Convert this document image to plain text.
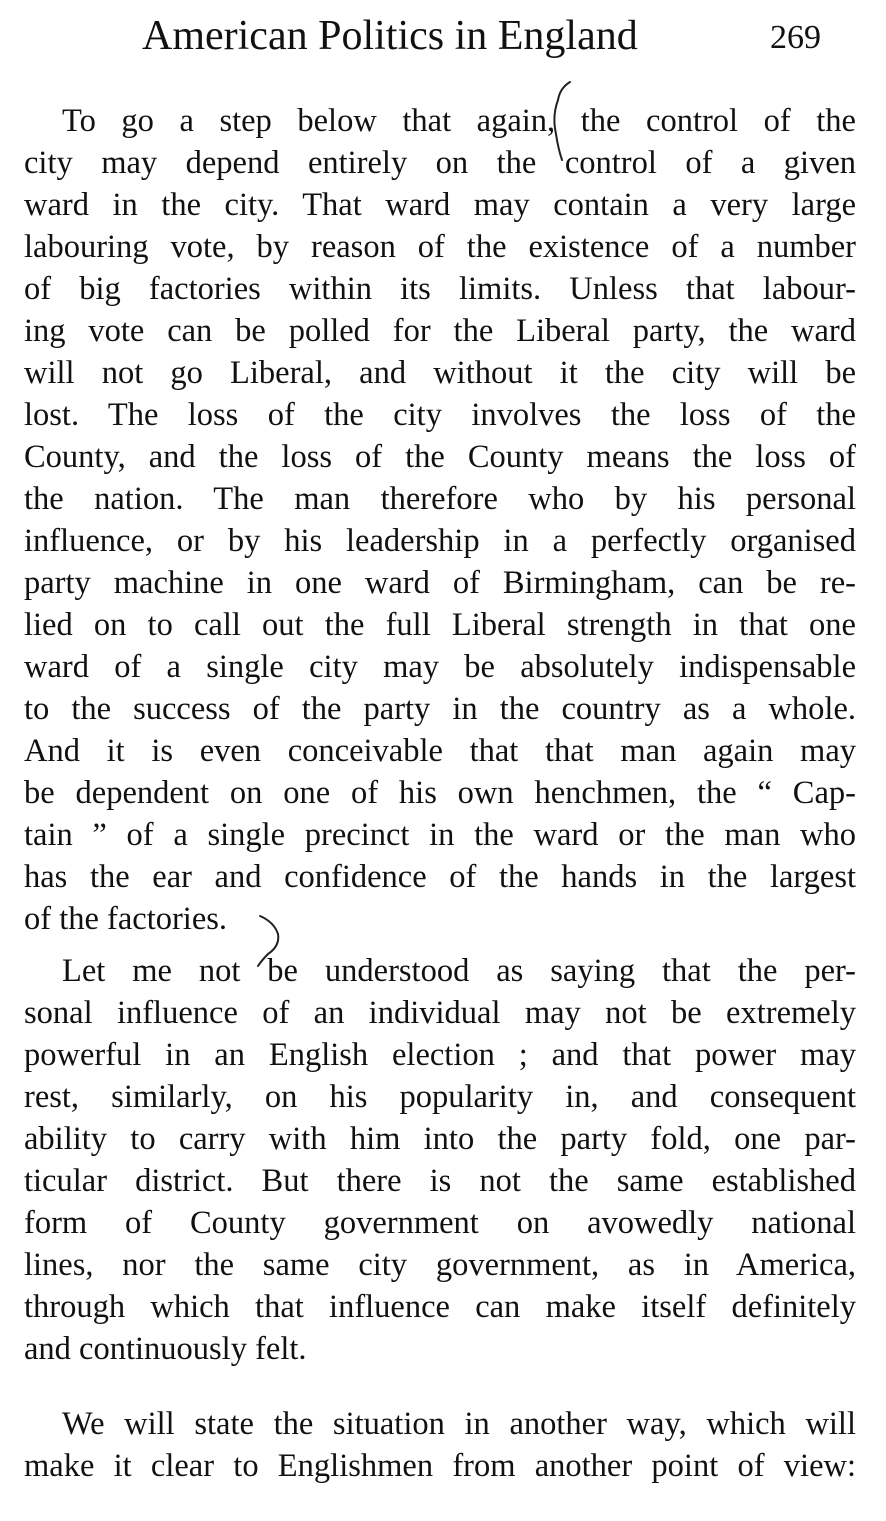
American Politics in England	269
To go a step below that again, the control of the
city may depend entirely on the control of a given
ward in the city. That ward may contain a very large
labouring vote, by reason of the existence of a number
of big factories within its limits. Unless that labour-
ing vote can be polled for the Liberal party, the ward
will not go Liberal, and without it the city will be
lost. The loss of the city involves the loss of the
County, and the loss of the County means the loss of
the nation. The man therefore who by his personal
influence, or by his leadership in a perfectly organised
party machine in one ward of Birmingham, can be re-
lied on to call out the full Liberal strength in that one
ward of a single city may be absolutely indispensable
to the success of the party in the country as a whole.
And it is even conceivable that that man again may
be dependent on one of his own henchmen, the “ Cap-
tain ” of a single precinct in the ward or the man who
has the ear and confidence of the hands in the largest
of the factories.
Let me not be understood as saying that the per-
sonal influence of an individual may not be extremely
powerful in an English election ; and that power may
rest, similarly, on his popularity in, and consequent
ability to carry with him into the party fold, one par-
ticular district. But there is not the same established
form of County government on avowedly national
lines, nor the same city government, as in America,
through which that influence can make itself definitely
and continuously felt.
We will state the situation in another way, which will
make it clear to Englishmen from another point of view:
